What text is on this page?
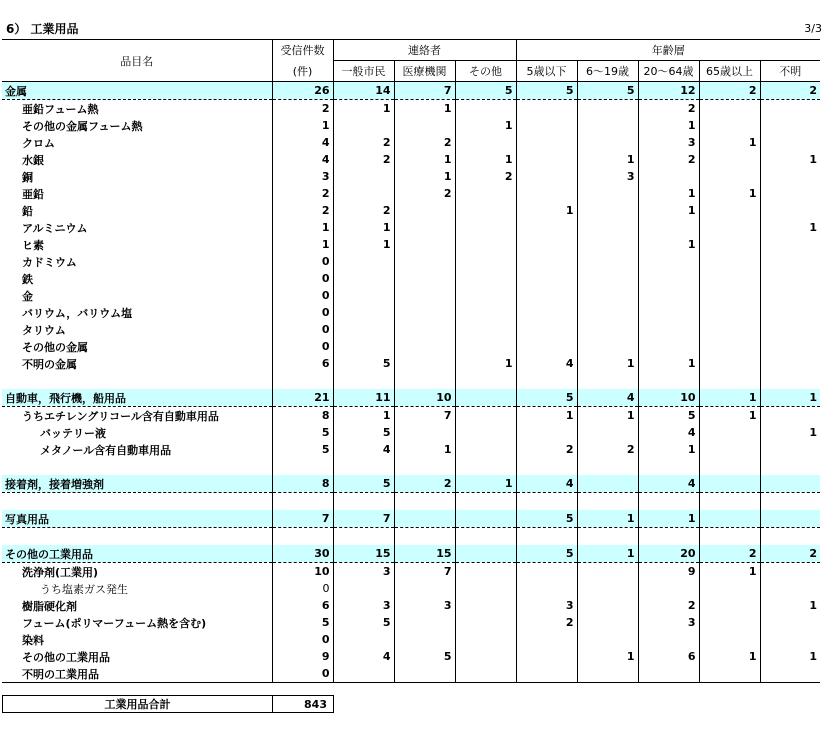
6） 工業用品	3/3
品目名	受信件数	連絡者			年齢層				
	(件)	一般市民	医療機関	その他	5歳以下	6～19歳	20～64歳	65歳以上	不明
金属	26	14	7	5	5	5	12	2	2
亜鉛フューム熱	2	1	1				2		
その他の金属フューム熱	1			1			1		
クロム	4	2	2				3	1	
水銀	4	2	1	1		1	2		1
銅	3		1	2		3			
亜鉛	2		2				1	1	
鉛	2	2			1		1		
アルミニウム	1	1							1
ヒ素	1	1					1		
カドミウム	0								
鉄	0								
金	0								
バリウム，バリウム塩	0								
タリウム	0								
その他の金属	0								
不明の金属	6	5		1	4	1	1		

自動車，飛行機，船用品	21	11	10		5	4	10	1	1
うちエチレングリコール含有自動車用品	8	1	7		1	1	5	1	
バッテリー液	5	5					4		1
メタノール含有自動車用品	5	4	1		2	2	1		

接着剤，接着増強剤	8	5	2	1	4		4		

写真用品	7	7			5	1	1		

その他の工業用品	30	15	15		5	1	20	2	2
洗浄剤(工業用)	10	3	7				9	1	
うち塩素ガス発生	0								
樹脂硬化剤	6	3	3		3		2		1
フューム(ポリマーフューム熱を含む)	5	5			2		3		
染料	0								
その他の工業用品	9	4	5			1	6	1	1
不明の工業用品	0								
工業用品合計	843
